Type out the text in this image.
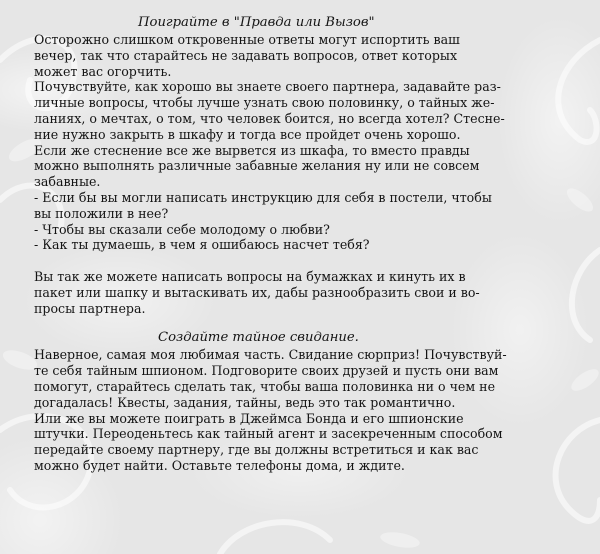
Поиграйте в "Правда или Вызов"

Осторожно слишком откровенные ответы могут испортить ваш

вечер, так что старайтесь не задавать вопросов, ответ которых

может вас огорчить.

Почувствуйте, как хорошо вы знаете своего партнера, задавайте раз-

личные вопросы, чтобы лучше узнать свою половинку, о тайных же-

ланиях, о мечтах, о том, что человек боится, но всегда хотел? Стесне-

ние нужно закрыть в шкафу и тогда все пройдет очень хорошо.

Если же стеснение все же вырвется из шкафа, то вместо правды

можно выполнять различные забавные желания ну или не совсем

забавные.

- Если бы вы могли написать инструкцию для себя в постели, чтобы

вы положили в нее?

- Чтобы вы сказали себе молодому о любви?

- Как ты думаешь, в чем я ошибаюсь насчет тебя?

Вы так же можете написать вопросы на бумажках и кинуть их в

пакет или шапку и вытаскивать их, дабы разнообразить свои и во-

просы партнера.

Создайте тайное свидание.

Наверное, самая моя любимая часть. Свидание сюрприз! Почувствуй-

те себя тайным шпионом. Подговорите своих друзей и пусть они вам

помогут, старайтесь сделать так, чтобы ваша половинка ни о чем не

догадалась! Квесты, задания, тайны, ведь это так романтично.

Или же вы можете поиграть в Джеймса Бонда и его шпионские

штучки. Переоденьтесь как тайный агент и засекреченным способом

передайте своему партнеру, где вы должны встретиться и как вас

можно будет найти. Оставьте телефоны дома, и ждите.
